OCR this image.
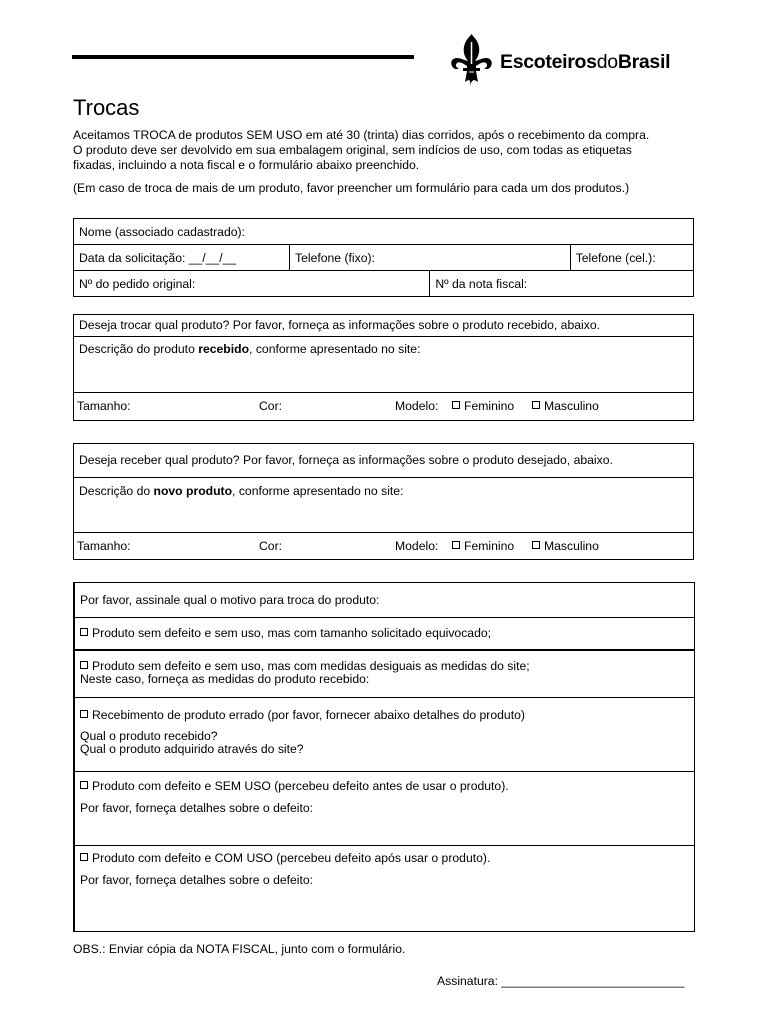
EscoteirosdoBrasil
Trocas

Aceitamos TROCA de produtos SEM USO em até 30 (trinta) dias corridos, após o recebimento da compra.

O produto deve ser devolvido em sua embalagem original, sem indícios de uso, com todas as etiquetas

fixadas, incluindo a nota fiscal e o formulário abaixo preenchido.

(Em caso de troca de mais de um produto, favor preencher um formulário para cada um dos produtos.)

Nome (associado cadastrado):			
Data da solicitação: __/__/__	Telefone (fixo):		Telefone (cel.):
Nº do pedido original:		Nº da nota fiscal:	
Deseja trocar qual produto? Por favor, forneça as informações sobre o produto recebido, abaixo.
Descrição do produto recebido, conforme apresentado no site:
Tamanho:	Cor:	Modelo:	Feminino	Masculino
Deseja receber qual produto? Por favor, forneça as informações sobre o produto desejado, abaixo.
Descrição do novo produto, conforme apresentado no site:
Tamanho:	Cor:	Modelo:	Feminino	Masculino
Por favor, assinale qual o motivo para troca do produto:
Produto sem defeito e sem uso, mas com tamanho solicitado equivocado;
Produto sem defeito e sem uso, mas com medidas desiguais as medidas do site;
Neste caso, forneça as medidas do produto recebido:
Recebimento de produto errado (por favor, fornecer abaixo detalhes do produto)
Qual o produto recebido?
Qual o produto adquirido através do site?
Produto com defeito e SEM USO (percebeu defeito antes de usar o produto).
Por favor, forneça detalhes sobre o defeito:
Produto com defeito e COM USO (percebeu defeito após usar o produto).
Por favor, forneça detalhes sobre o defeito:
OBS.: Enviar cópia da NOTA FISCAL, junto com o formulário.
Assinatura: ___________________________
